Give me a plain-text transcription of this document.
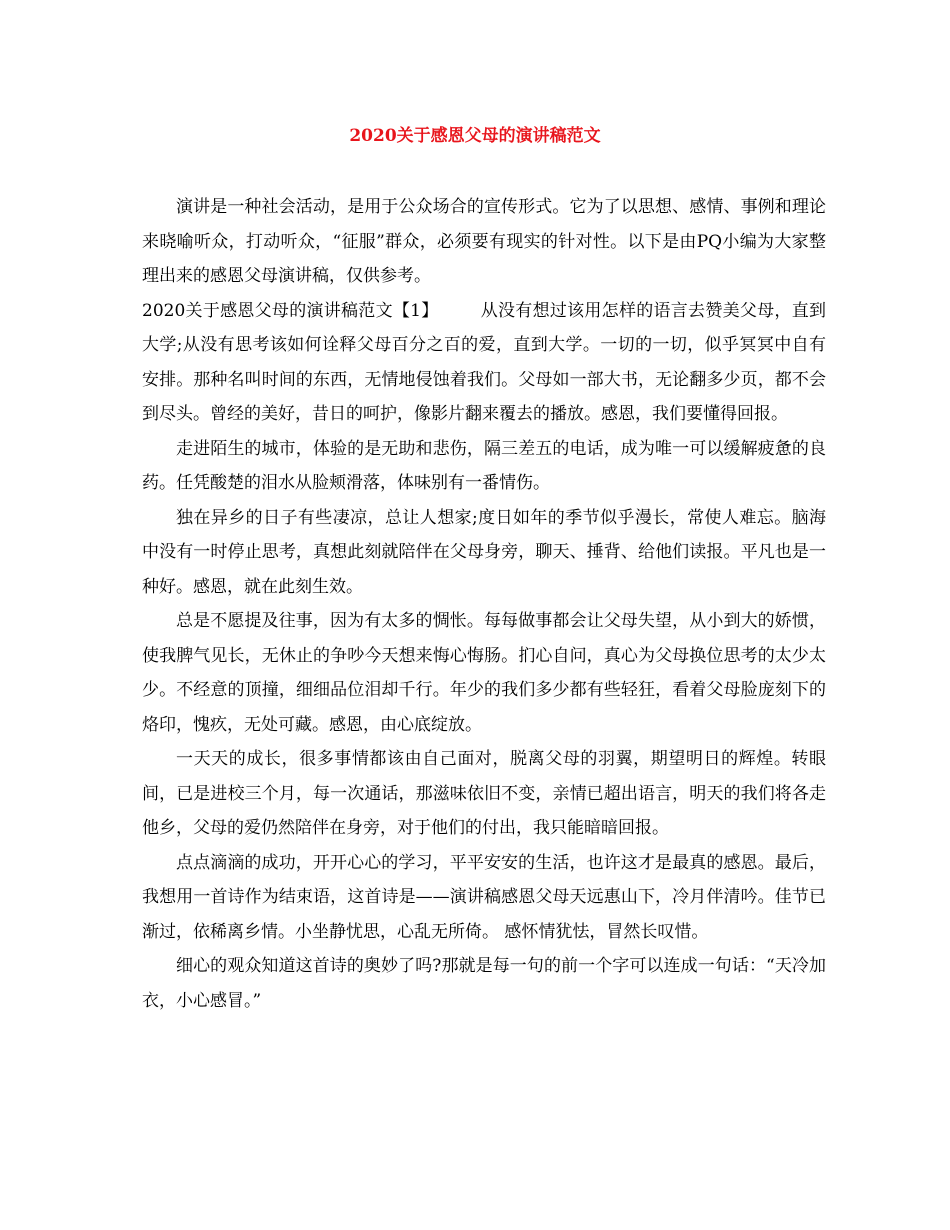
2020关于感恩父母的演讲稿范文

演讲是一种社会活动，是用于公众场合的宣传形式。它为了以思想、感情、事例和理论来晓喻听众，打动听众，“征服”群众，必须要有现实的针对性。以下是由PQ小编为大家整理出来的感恩父母演讲稿，仅供参考。

2020关于感恩父母的演讲稿范文【1】 从没有想过该用怎样的语言去赞美父母，直到大学;从没有思考该如何诠释父母百分之百的爱，直到大学。一切的一切，似乎冥冥中自有安排。那种名叫时间的东西，无情地侵蚀着我们。父母如一部大书，无论翻多少页，都不会到尽头。曾经的美好，昔日的呵护，像影片翻来覆去的播放。感恩，我们要懂得回报。

走进陌生的城市，体验的是无助和悲伤，隔三差五的电话，成为唯一可以缓解疲惫的良药。任凭酸楚的泪水从脸颊滑落，体味别有一番情伤。

独在异乡的日子有些凄凉，总让人想家;度日如年的季节似乎漫长，常使人难忘。脑海中没有一时停止思考，真想此刻就陪伴在父母身旁，聊天、捶背、给他们读报。平凡也是一种好。感恩，就在此刻生效。

总是不愿提及往事，因为有太多的惆怅。每每做事都会让父母失望，从小到大的娇惯，使我脾气见长，无休止的争吵今天想来悔心悔肠。扪心自问，真心为父母换位思考的太少太少。不经意的顶撞，细细品位泪却千行。年少的我们多少都有些轻狂，看着父母脸庞刻下的烙印，愧疚，无处可藏。感恩，由心底绽放。

一天天的成长，很多事情都该由自己面对，脱离父母的羽翼，期望明日的辉煌。转眼间，已是进校三个月，每一次通话，那滋味依旧不变，亲情已超出语言，明天的我们将各走他乡，父母的爱仍然陪伴在身旁，对于他们的付出，我只能暗暗回报。

点点滴滴的成功，开开心心的学习，平平安安的生活，也许这才是最真的感恩。最后，我想用一首诗作为结束语，这首诗是——演讲稿感恩父母天远惠山下，冷月伴清吟。佳节已渐过，依稀离乡情。小坐静忧思，心乱无所倚。 感怀情犹怯，冒然长叹惜。

细心的观众知道这首诗的奥妙了吗?那就是每一句的前一个字可以连成一句话：“天冷加衣，小心感冒。”
